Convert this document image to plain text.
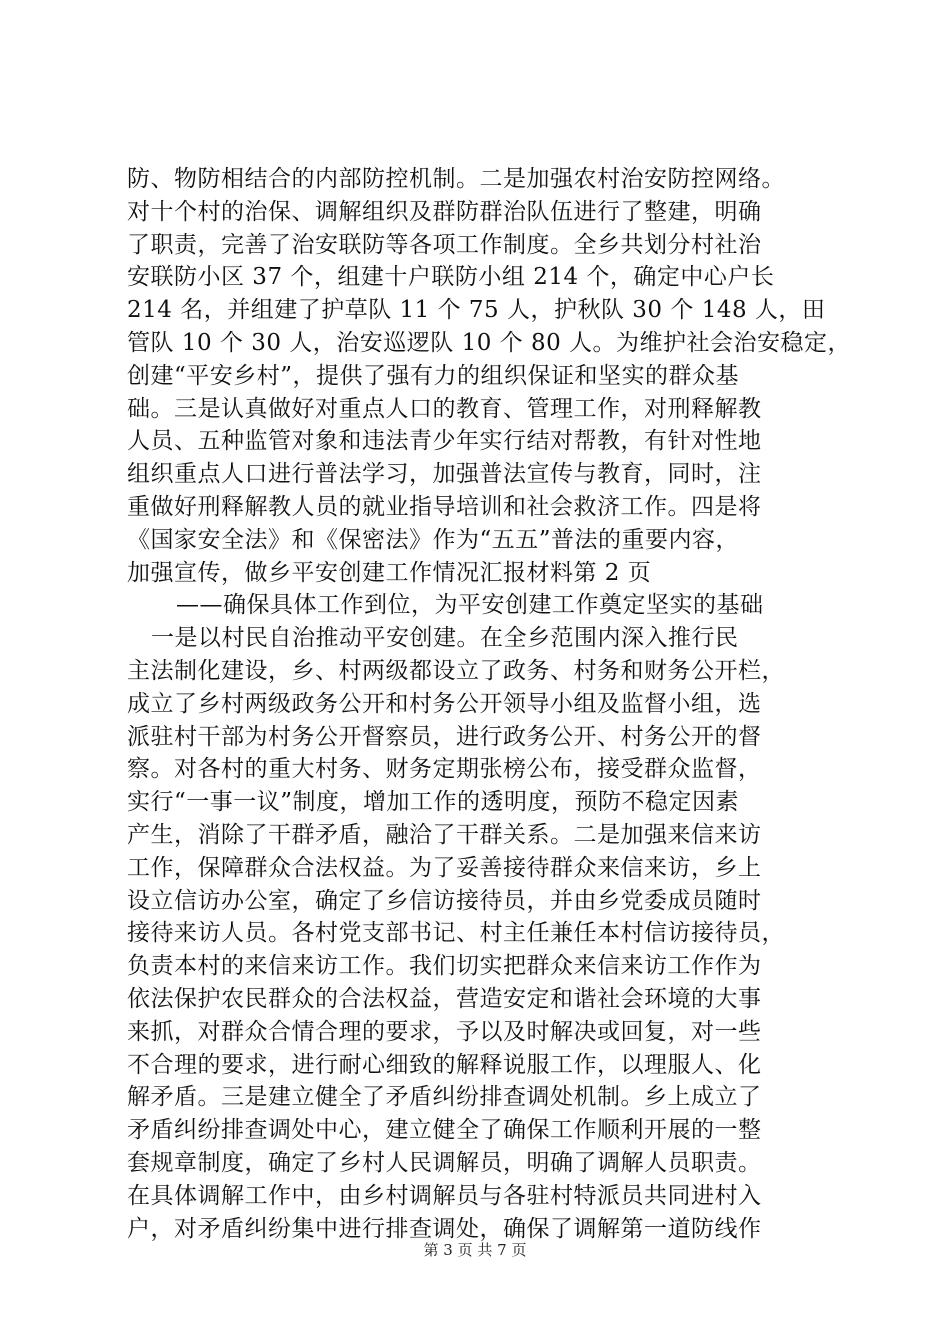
防、物防相结合的内部防控机制。二是加强农村治安防控网络。
对十个村的治保、调解组织及群防群治队伍进行了整建，明确
了职责，完善了治安联防等各项工作制度。全乡共划分村社治
安联防小区 37 个，组建十户联防小组 214 个，确定中心户长
214 名，并组建了护草队 11 个 75 人，护秋队 30 个 148 人，田
管队 10 个 30 人，治安巡逻队 10 个 80 人。为维护社会治安稳定，
创建“平安乡村”，提供了强有力的组织保证和坚实的群众基
础。三是认真做好对重点人口的教育、管理工作，对刑释解教
人员、五种监管对象和违法青少年实行结对帮教，有针对性地
组织重点人口进行普法学习，加强普法宣传与教育，同时，注
重做好刑释解教人员的就业指导培训和社会救济工作。四是将
《国家安全法》和《保密法》作为“五五”普法的重要内容，
加强宣传，做乡平安创建工作情况汇报材料第 2 页
——确保具体工作到位，为平安创建工作奠定坚实的基础
一是以村民自治推动平安创建。在全乡范围内深入推行民
主法制化建设，乡、村两级都设立了政务、村务和财务公开栏，
成立了乡村两级政务公开和村务公开领导小组及监督小组，选
派驻村干部为村务公开督察员，进行政务公开、村务公开的督
察。对各村的重大村务、财务定期张榜公布，接受群众监督，
实行“一事一议”制度，增加工作的透明度，预防不稳定因素
产生，消除了干群矛盾，融洽了干群关系。二是加强来信来访
工作，保障群众合法权益。为了妥善接待群众来信来访，乡上
设立信访办公室，确定了乡信访接待员，并由乡党委成员随时
接待来访人员。各村党支部书记、村主任兼任本村信访接待员，
负责本村的来信来访工作。我们切实把群众来信来访工作作为
依法保护农民群众的合法权益，营造安定和谐社会环境的大事
来抓，对群众合情合理的要求，予以及时解决或回复，对一些
不合理的要求，进行耐心细致的解释说服工作，以理服人、化
解矛盾。三是建立健全了矛盾纠纷排查调处机制。乡上成立了
矛盾纠纷排查调处中心，建立健全了确保工作顺利开展的一整
套规章制度，确定了乡村人民调解员，明确了调解人员职责。
在具体调解工作中，由乡村调解员与各驻村特派员共同进村入
户，对矛盾纠纷集中进行排查调处，确保了调解第一道防线作
第 3 页 共 7 页
